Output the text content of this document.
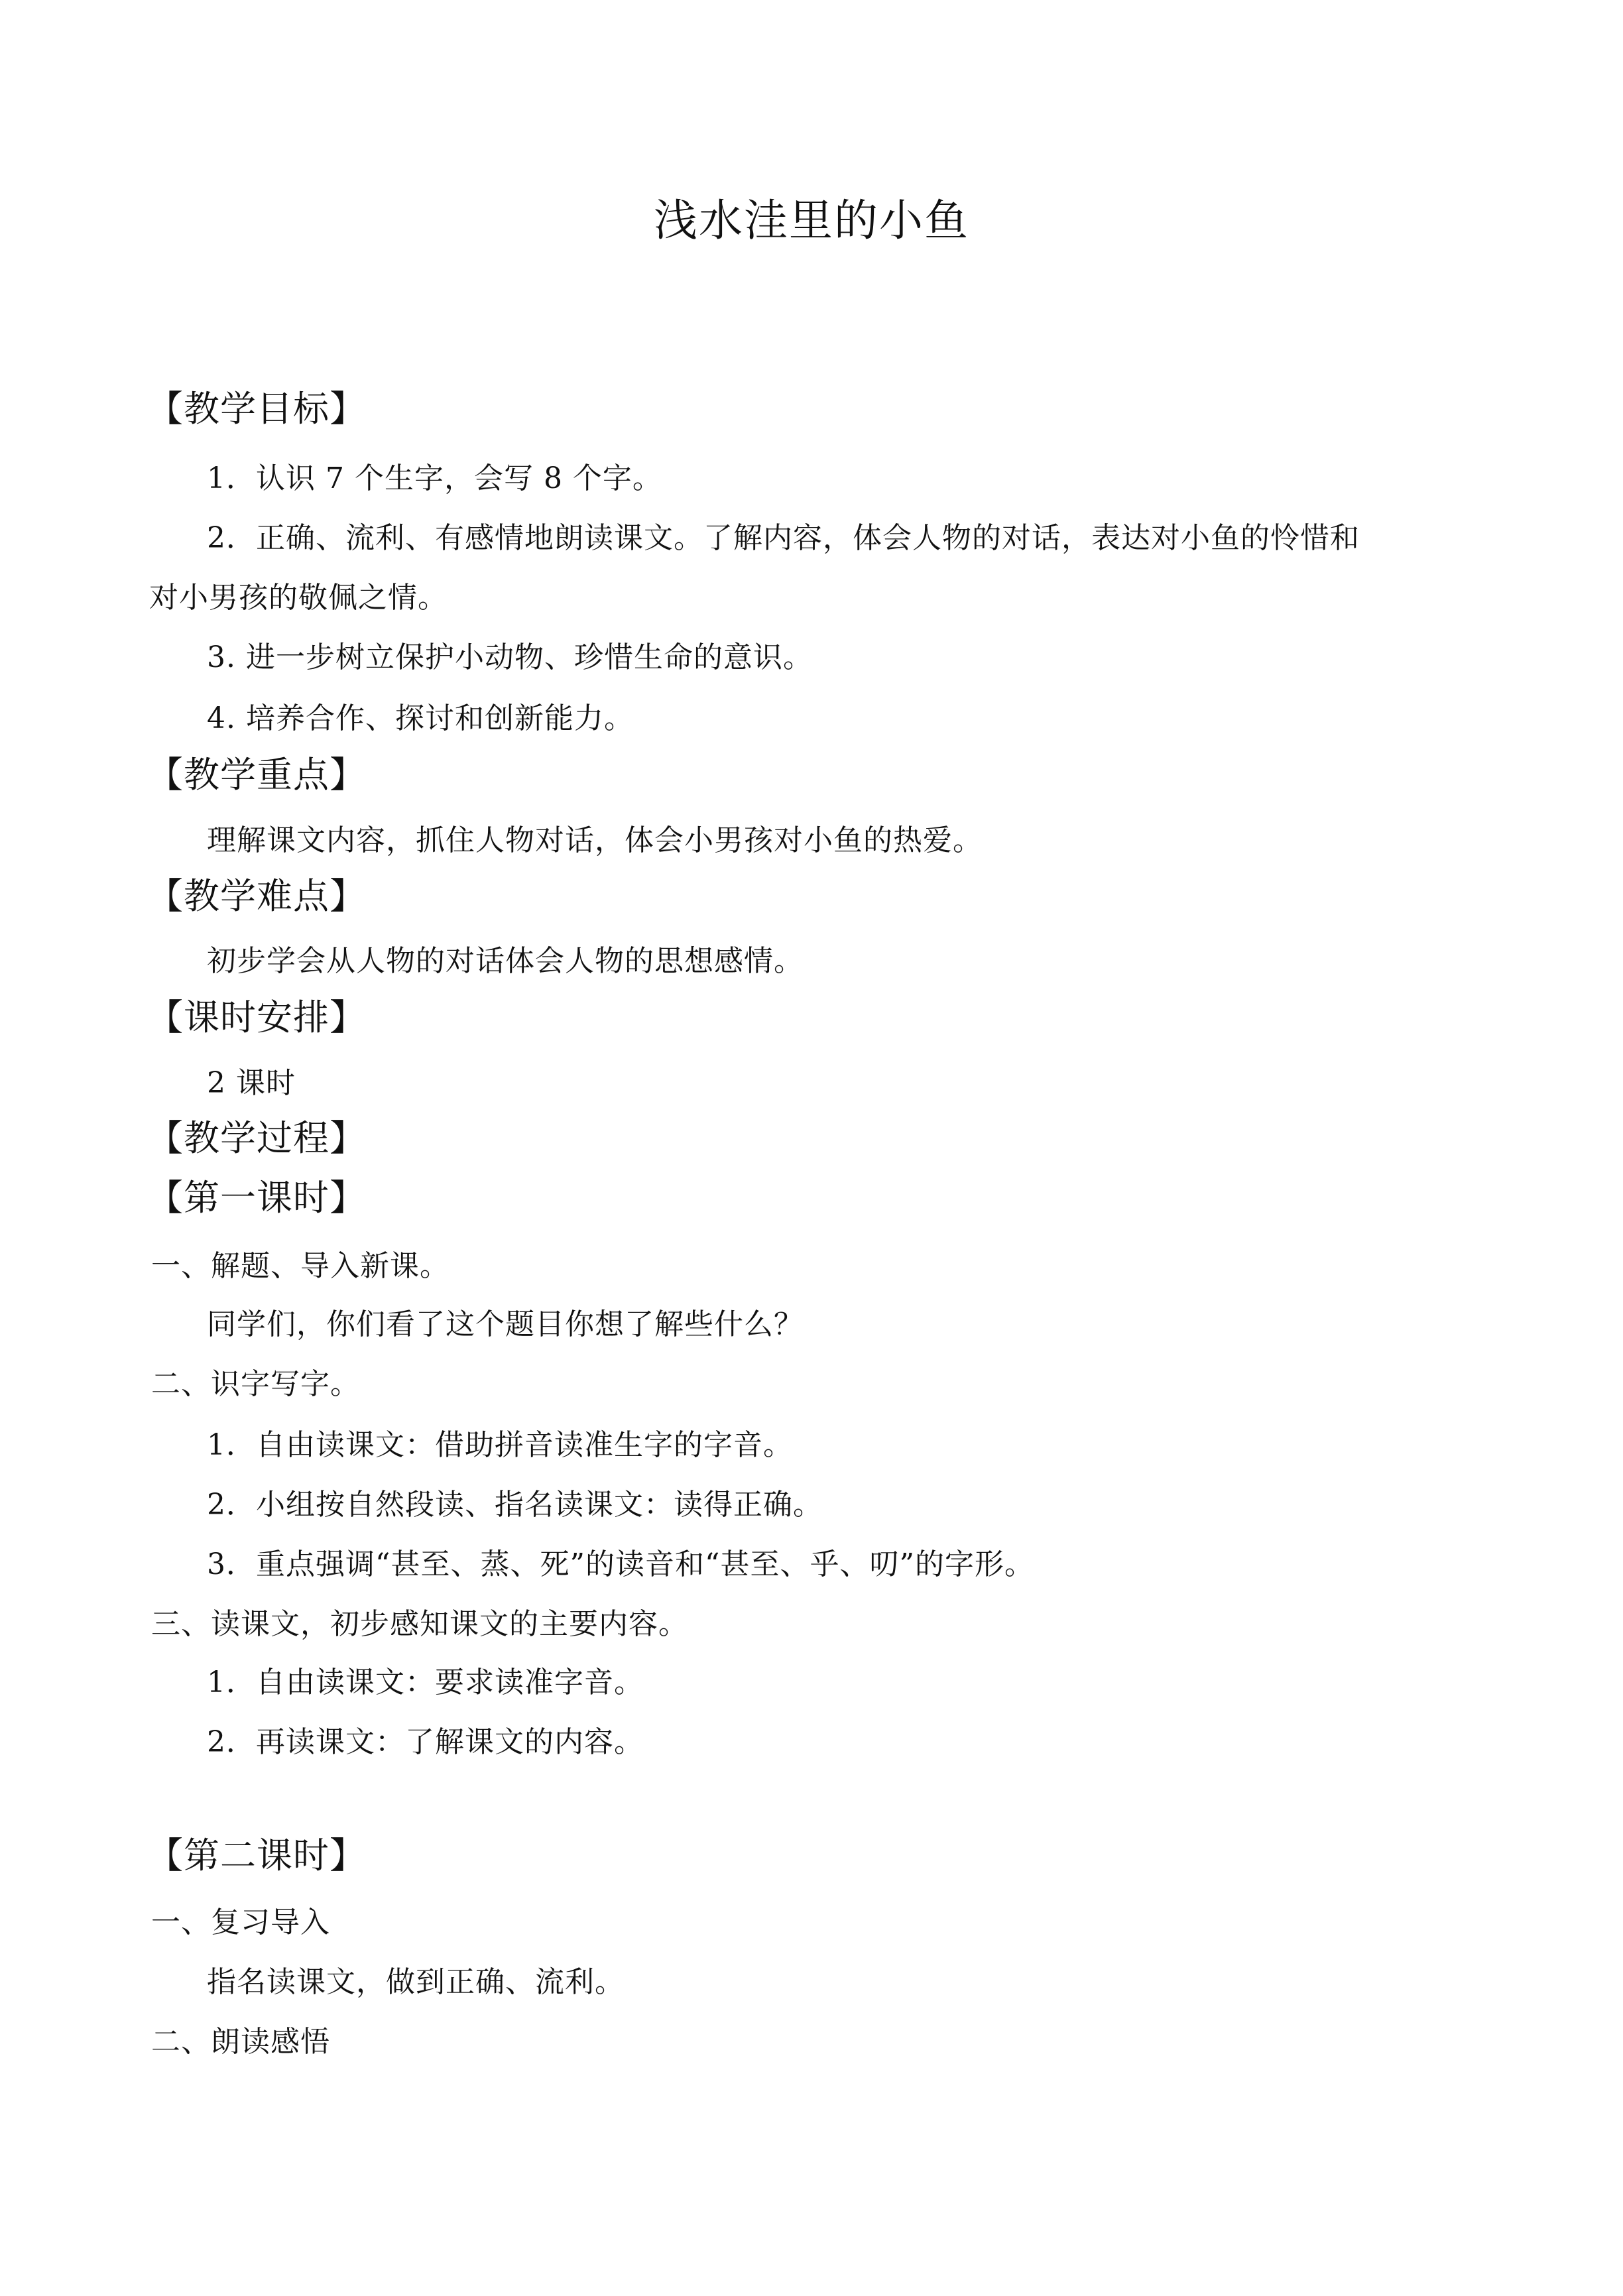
浅水洼里的小鱼
【教学目标】
1．认识 7 个生字，会写 8 个字。
2．正确、流利、有感情地朗读课文。了解内容，体会人物的对话，表达对小鱼的怜惜和
对小男孩的敬佩之情。
3. 进一步树立保护小动物、珍惜生命的意识。
4. 培养合作、探讨和创新能力。
【教学重点】
理解课文内容，抓住人物对话，体会小男孩对小鱼的热爱。
【教学难点】
初步学会从人物的对话体会人物的思想感情。
【课时安排】
2 课时
【教学过程】
【第一课时】
一、解题、导入新课。
同学们，你们看了这个题目你想了解些什么？
二、识字写字。
1．自由读课文：借助拼音读准生字的字音。
2．小组按自然段读、指名读课文：读得正确。
3．重点强调“甚至、蒸、死”的读音和“甚至、乎、叨”的字形。
三、读课文，初步感知课文的主要内容。
1．自由读课文：要求读准字音。
2．再读课文：了解课文的内容。
【第二课时】
一、复习导入
指名读课文，做到正确、流利。
二、朗读感悟
